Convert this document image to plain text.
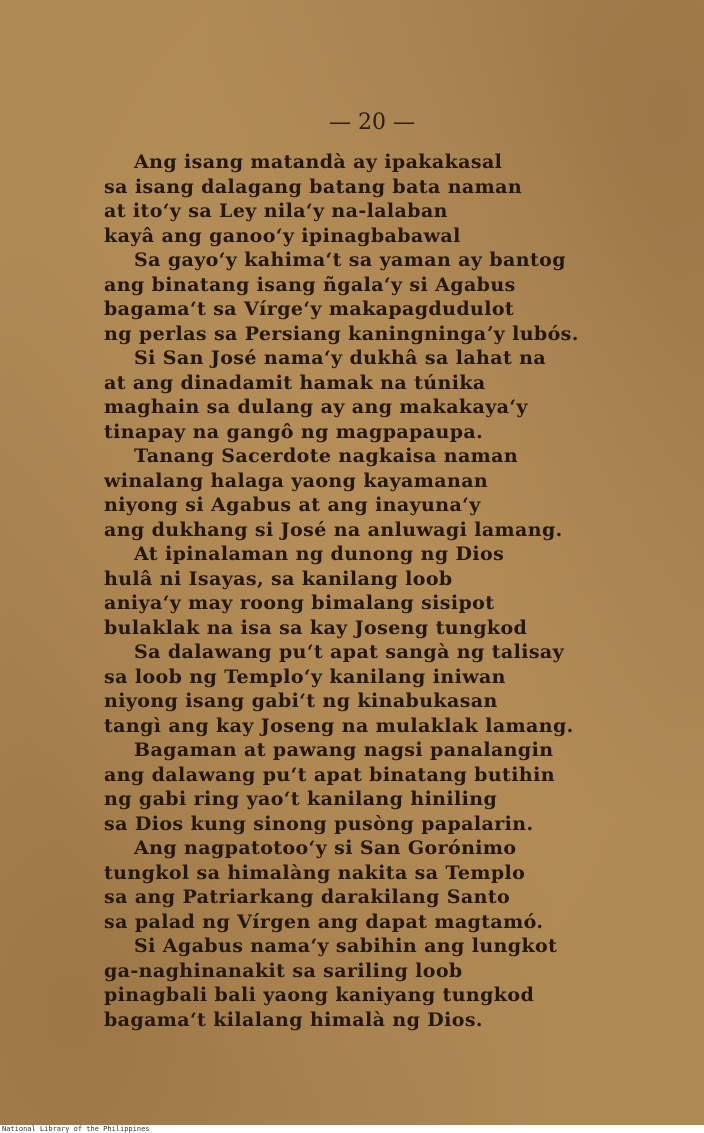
— 20 —
Ang isang matandà ay ipakakasal
sa isang dalagang batang bata naman
at ito‘y sa Ley nila‘y na-lalaban
kayâ ang ganoo‘y ipinagbabawal
Sa gayo‘y kahima‘t sa yaman ay bantog
ang binatang isang ñgala‘y si Agabus
bagama‘t sa Vírge‘y makapagdudulot
ng perlas sa Persiang kaningningaʼy lubós.
Si San José nama‘y dukhâ sa lahat na
at ang dinadamit hamak na túnika
maghain sa dulang ay ang makakaya‘y
tinapay na gangô ng magpapaupa.
Tanang Sacerdote nagkaisa naman
winalang halaga yaong kayamanan
niyong si Agabus at ang inayuna‘y
ang dukhang si José na anluwagi lamang.
At ipinalaman ng dunong ng Dios
hulâ ni Isayas, sa kanilang loob
aniya‘y may roong bimalang sisipot
bulaklak na isa sa kay Joseng tungkod
Sa dalawang pu‘t apat sangà ng talisay
sa loob ng Templo‘y kanilang iniwan
niyong isang gabi‘t ng kinabukasan
tangì ang kay Joseng na mulaklak lamang.
Bagaman at pawang nagsi panalangin
ang dalawang pu‘t apat binatang butihin
ng gabi ring yao‘t kanilang hiniling
sa Dios kung sinong pusòng papalarin.
Ang nagpatotoo‘y si San Gorónimo
tungkol sa himalàng nakita sa Templo
sa ang Patriarkang darakilang Santo
sa palad ng Vírgen ang dapat magtamó.
Si Agabus nama‘y sabihin ang lungkot
ga-naghinanakit sa sariling loob
pinagbali bali yaong kaniyang tungkod
bagama‘t kilalang himalà ng Dios.
National Library of the Philippines
